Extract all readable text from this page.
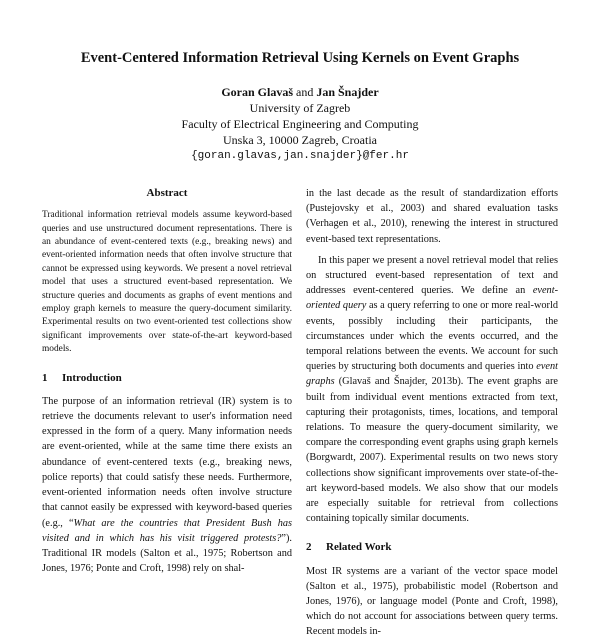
Event-Centered Information Retrieval Using Kernels on Event Graphs
Goran Glavaš and Jan Šnajder
University of Zagreb
Faculty of Electrical Engineering and Computing
Unska 3, 10000 Zagreb, Croatia
{goran.glavas,jan.snajder}@fer.hr
Abstract

Traditional information retrieval models assume keyword-based queries and use unstructured document representations. There is an abundance of event-centered texts (e.g., breaking news) and event-oriented information needs that often involve structure that cannot be expressed using keywords. We present a novel retrieval model that uses a structured event-based representation. We structure queries and documents as graphs of event mentions and employ graph kernels to measure the query-document similarity. Experimental results on two event-oriented test collections show significant improvements over state-of-the-art keyword-based models.

1 Introduction

The purpose of an information retrieval (IR) system is to retrieve the documents relevant to user's information need expressed in the form of a query. Many information needs are event-oriented, while at the same time there exists an abundance of event-centered texts (e.g., breaking news, police reports) that could satisfy these needs. Furthermore, event-oriented information needs often involve structure that cannot easily be expressed with keyword-based queries (e.g., “What are the countries that President Bush has visited and in which has his visit triggered protests?”). Traditional IR models (Salton et al., 1975; Robertson and Jones, 1976; Ponte and Croft, 1998) rely on shal-

in the last decade as the result of standardization efforts (Pustejovsky et al., 2003) and shared evaluation tasks (Verhagen et al., 2010), renewing the interest in structured event-based text representations.

In this paper we present a novel retrieval model that relies on structured event-based representation of text and addresses event-centered queries. We define an event-oriented query as a query referring to one or more real-world events, possibly including their participants, the circumstances under which the events occurred, and the temporal relations between the events. We account for such queries by structuring both documents and queries into event graphs (Glavaš and Šnajder, 2013b). The event graphs are built from individual event mentions extracted from text, capturing their protagonists, times, locations, and temporal relations. To measure the query-document similarity, we compare the corresponding event graphs using graph kernels (Borgwardt, 2007). Experimental results on two news story collections show significant improvements over state-of-the-art keyword-based models. We also show that our models are especially suitable for retrieval from collections containing topically similar documents.

2 Related Work

Most IR systems are a variant of the vector space model (Salton et al., 1975), probabilistic model (Robertson and Jones, 1976), or language model (Ponte and Croft, 1998), which do not account for associations between query terms. Recent models in-
